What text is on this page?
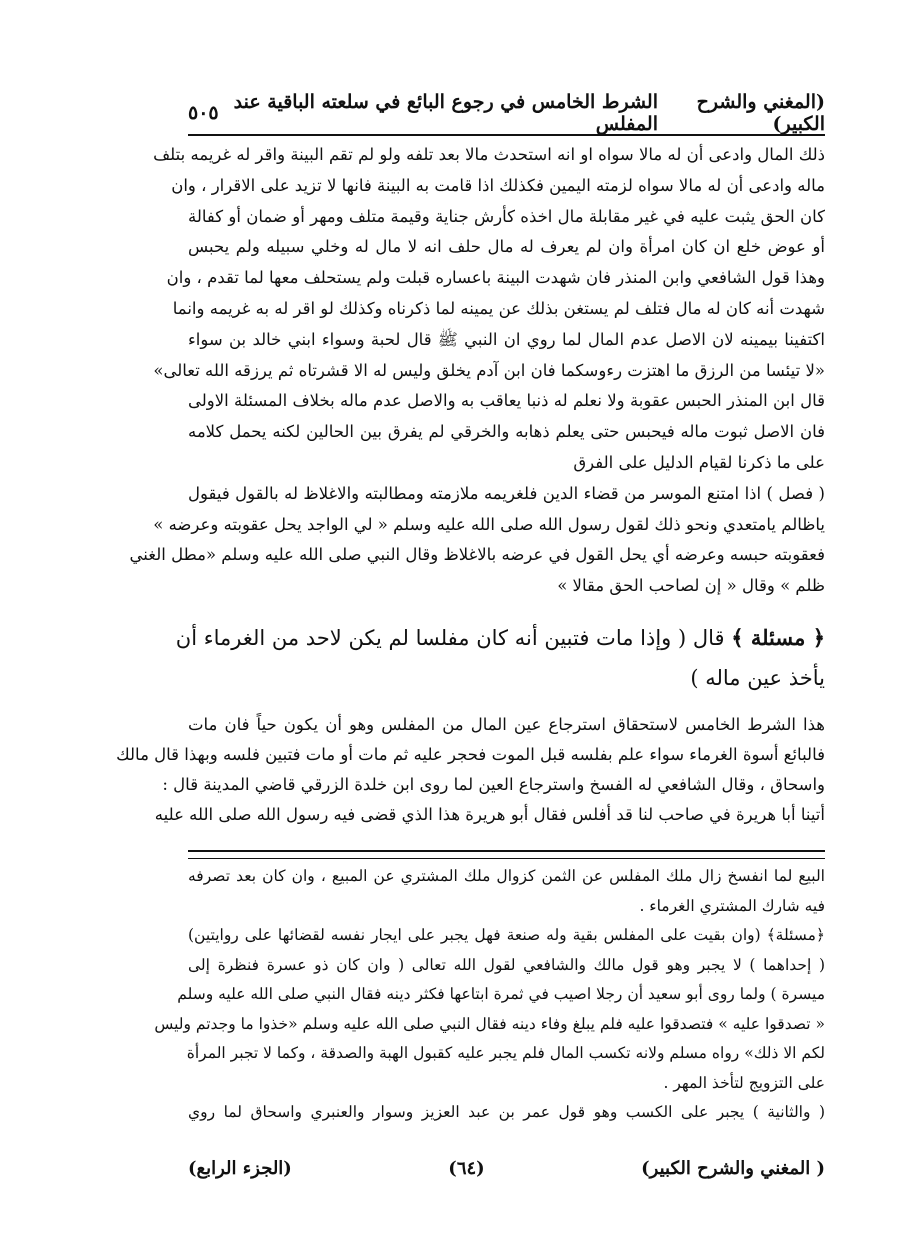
(المغني والشرح الكبير)
الشرط الخامس في رجوع البائع في سلعته الباقية عند المفلس
٥٠٥
ذلك المال وادعى أن له مالا سواه او انه استحدث مالا بعد تلفه ولو لم تقم البينة واقر له غريمه بتلف
ماله وادعى أن له مالا سواه لزمته اليمين فكذلك اذا قامت به البينة فانها لا تزيد على الاقرار ، وان
كان الحق يثبت عليه في غير مقابلة مال اخذه كأرش جناية وقيمة متلف ومهر أو ضمان أو كفالة
أو عوض خلع ان كان امرأة وان لم يعرف له مال حلف انه لا مال له وخلي سبيله ولم يحبس
وهذا قول الشافعي وابن المنذر فان شهدت البينة باعساره قبلت ولم يستحلف معها لما تقدم ، وان
شهدت أنه كان له مال فتلف لم يستغن بذلك عن يمينه لما ذكرناه وكذلك لو اقر له به غريمه وانما
اكتفينا بيمينه لان الاصل عدم المال لما روي ان النبي ﷺ قال لحبة وسواء ابني خالد بن سواء
«لا تيئسا من الرزق ما اهتزت رءوسكما فان ابن آدم يخلق وليس له الا قشرتاه ثم يرزقه الله تعالى»
قال ابن المنذر الحبس عقوبة ولا نعلم له ذنبا يعاقب به والاصل عدم ماله بخلاف المسئلة الاولى
فان الاصل ثبوت ماله فيحبس حتى يعلم ذهابه والخرقي لم يفرق بين الحالين لكنه يحمل كلامه
على ما ذكرنا لقيام الدليل على الفرق
( فصل ) اذا امتنع الموسر من قضاء الدين فلغريمه ملازمته ومطالبته والاغلاظ له بالقول فيقول
ياظالم يامتعدي ونحو ذلك لقول رسول الله صلى الله عليه وسلم « لي الواجد يحل عقوبته وعرضه »
فعقوبته حبسه وعرضه أي يحل القول في عرضه بالاغلاظ وقال النبي صلى الله عليه وسلم «مطل الغني
ظلم » وقال « إن لصاحب الحق مقالا »
﴿ مسئلة ﴾ قال ( وإذا مات فتبين أنه كان مفلسا لم يكن لاحد من الغرماء أن
يأخذ عين ماله )
هذا الشرط الخامس لاستحقاق استرجاع عين المال من المفلس وهو أن يكون حياً فان مات
فالبائع أسوة الغرماء سواء علم بفلسه قبل الموت فحجر عليه ثم مات أو مات فتبين فلسه وبهذا قال مالك
واسحاق ، وقال الشافعي له الفسخ واسترجاع العين لما روى ابن خلدة الزرقي قاضي المدينة قال :
أتينا أبا هريرة في صاحب لنا قد أفلس فقال أبو هريرة هذا الذي قضى فيه رسول الله صلى الله عليه
البيع لما انفسخ زال ملك المفلس عن الثمن كزوال ملك المشتري عن المبيع ، وان كان بعد تصرفه
فيه شارك المشتري الغرماء .
﴿مسئلة﴾ (وان بقيت على المفلس بقية وله صنعة فهل يجبر على ايجار نفسه لقضائها على روايتين)
( إحداهما ) لا يجبر وهو قول مالك والشافعي لقول الله تعالى ( وان كان ذو عسرة فنظرة إلى
ميسرة ) ولما روى أبو سعيد أن رجلا اصيب في ثمرة ابتاعها فكثر دينه فقال النبي صلى الله عليه وسلم
« تصدقوا عليه » فتصدقوا عليه فلم يبلغ وفاء دينه فقال النبي صلى الله عليه وسلم «خذوا ما وجدتم وليس
لكم الا ذلك» رواه مسلم ولانه تكسب المال فلم يجبر عليه كقبول الهبة والصدقة ، وكما لا تجبر المرأة
على التزويج لتأخذ المهر .
( والثانية ) يجبر على الكسب وهو قول عمر بن عبد العزيز وسوار والعنبري واسحاق لما روي
( المغني والشرح الكبير)
(٦٤)
(الجزء الرابع)
